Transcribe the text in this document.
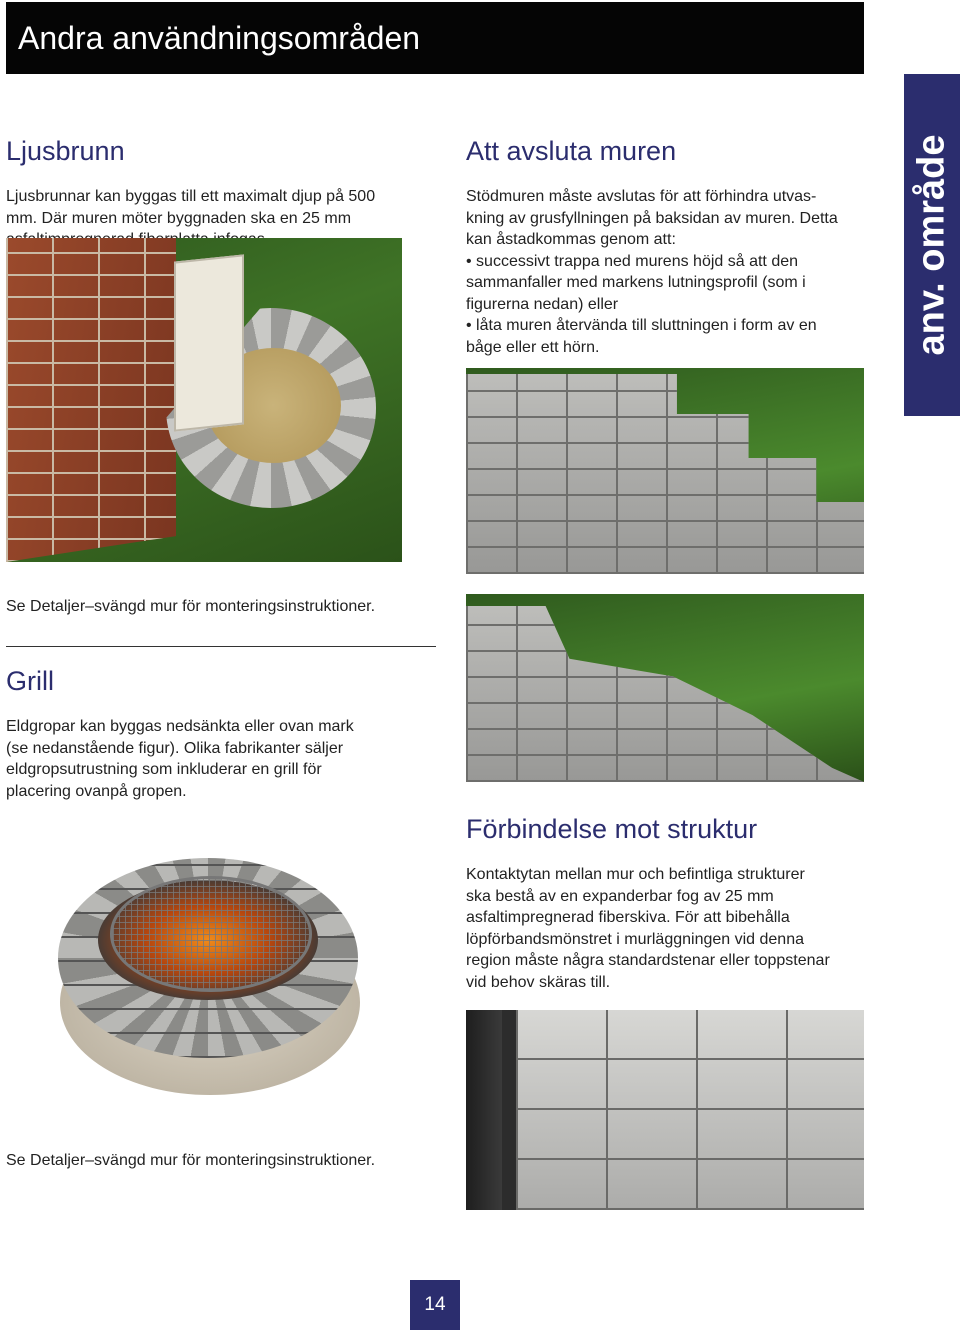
Andra användningsområden
anv. område
Ljusbrunn

Ljusbrunnar kan byggas till ett maximalt djup på 500 mm. Där muren möter byggnaden ska en 25 mm

Att avsluta muren

Stödmuren måste avslutas för att förhindra utvas-

kning av grusfyllningen på baksidan av muren. Detta

kan åstadkommas genom att:

• successivt trappa ned murens höjd så att den

sammanfaller med markens lutningsprofil (som i

figurerna nedan) eller

• låta muren återvända till sluttningen i form av en

båge eller ett hörn.

Se Detaljer–svängd mur för monteringsinstruktioner.
Grill

Eldgropar kan byggas nedsänkta eller ovan mark

(se nedanstående figur). Olika fabrikanter säljer

eldgropsutrustning som inkluderar en grill för

placering ovanpå gropen.

Förbindelse mot struktur

Kontaktytan mellan mur och befintliga strukturer

ska bestå av en expanderbar fog av 25 mm

asfaltimpregnerad fiberskiva. För att bibehålla

löpförbandsmönstret i murläggningen vid denna

region måste några standardstenar eller toppstenar

vid behov skäras till.

Se Detaljer–svängd mur för monteringsinstruktioner.
14
